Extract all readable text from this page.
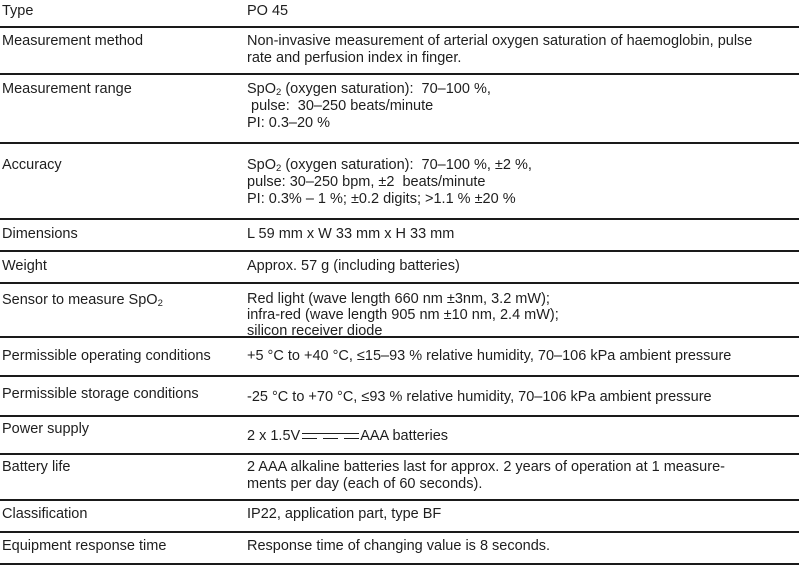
Type	PO 45
Measurement method	Non-invasive measurement of arterial oxygen saturation of haemoglobin, pulse
rate and perfusion index in finger.
Measurement range	SpO$_2$ (oxygen saturation):  70–100 %,
pulse:  30–250 beats/minute
PI: 0.3–20 %
Accuracy	SpO$_2$ (oxygen saturation):  70–100 %, ±2 %,
pulse: 30–250 bpm, ±2  beats/minute
PI: 0.3% – 1 %; ±0.2 digits; >1.1 % ±20 %
Dimensions	L 59 mm x W 33 mm x H 33 mm
Weight	Approx. 57 g (including batteries)
Sensor to measure SpO$_2$	Red light (wave length 660 nm ±3nm, 3.2 mW);
infra-red (wave length 905 nm ±10 nm, 2.4 mW);
silicon receiver diode
Permissible operating conditions	+5 °C to +40 °C, ≤15–93 % relative humidity, 70–106 kPa ambient pressure
Permissible storage conditions	-25 °C to +70 °C, ≤93 % relative humidity, 70–106 kPa ambient pressure
Power supply	2 x 1.5V	AAA batteries
Battery life	2 AAA alkaline batteries last for approx. 2 years of operation at 1 measure-
ments per day (each of 60 seconds).
Classification	IP22, application part, type BF
Equipment response time	Response time of changing value is 8 seconds.
